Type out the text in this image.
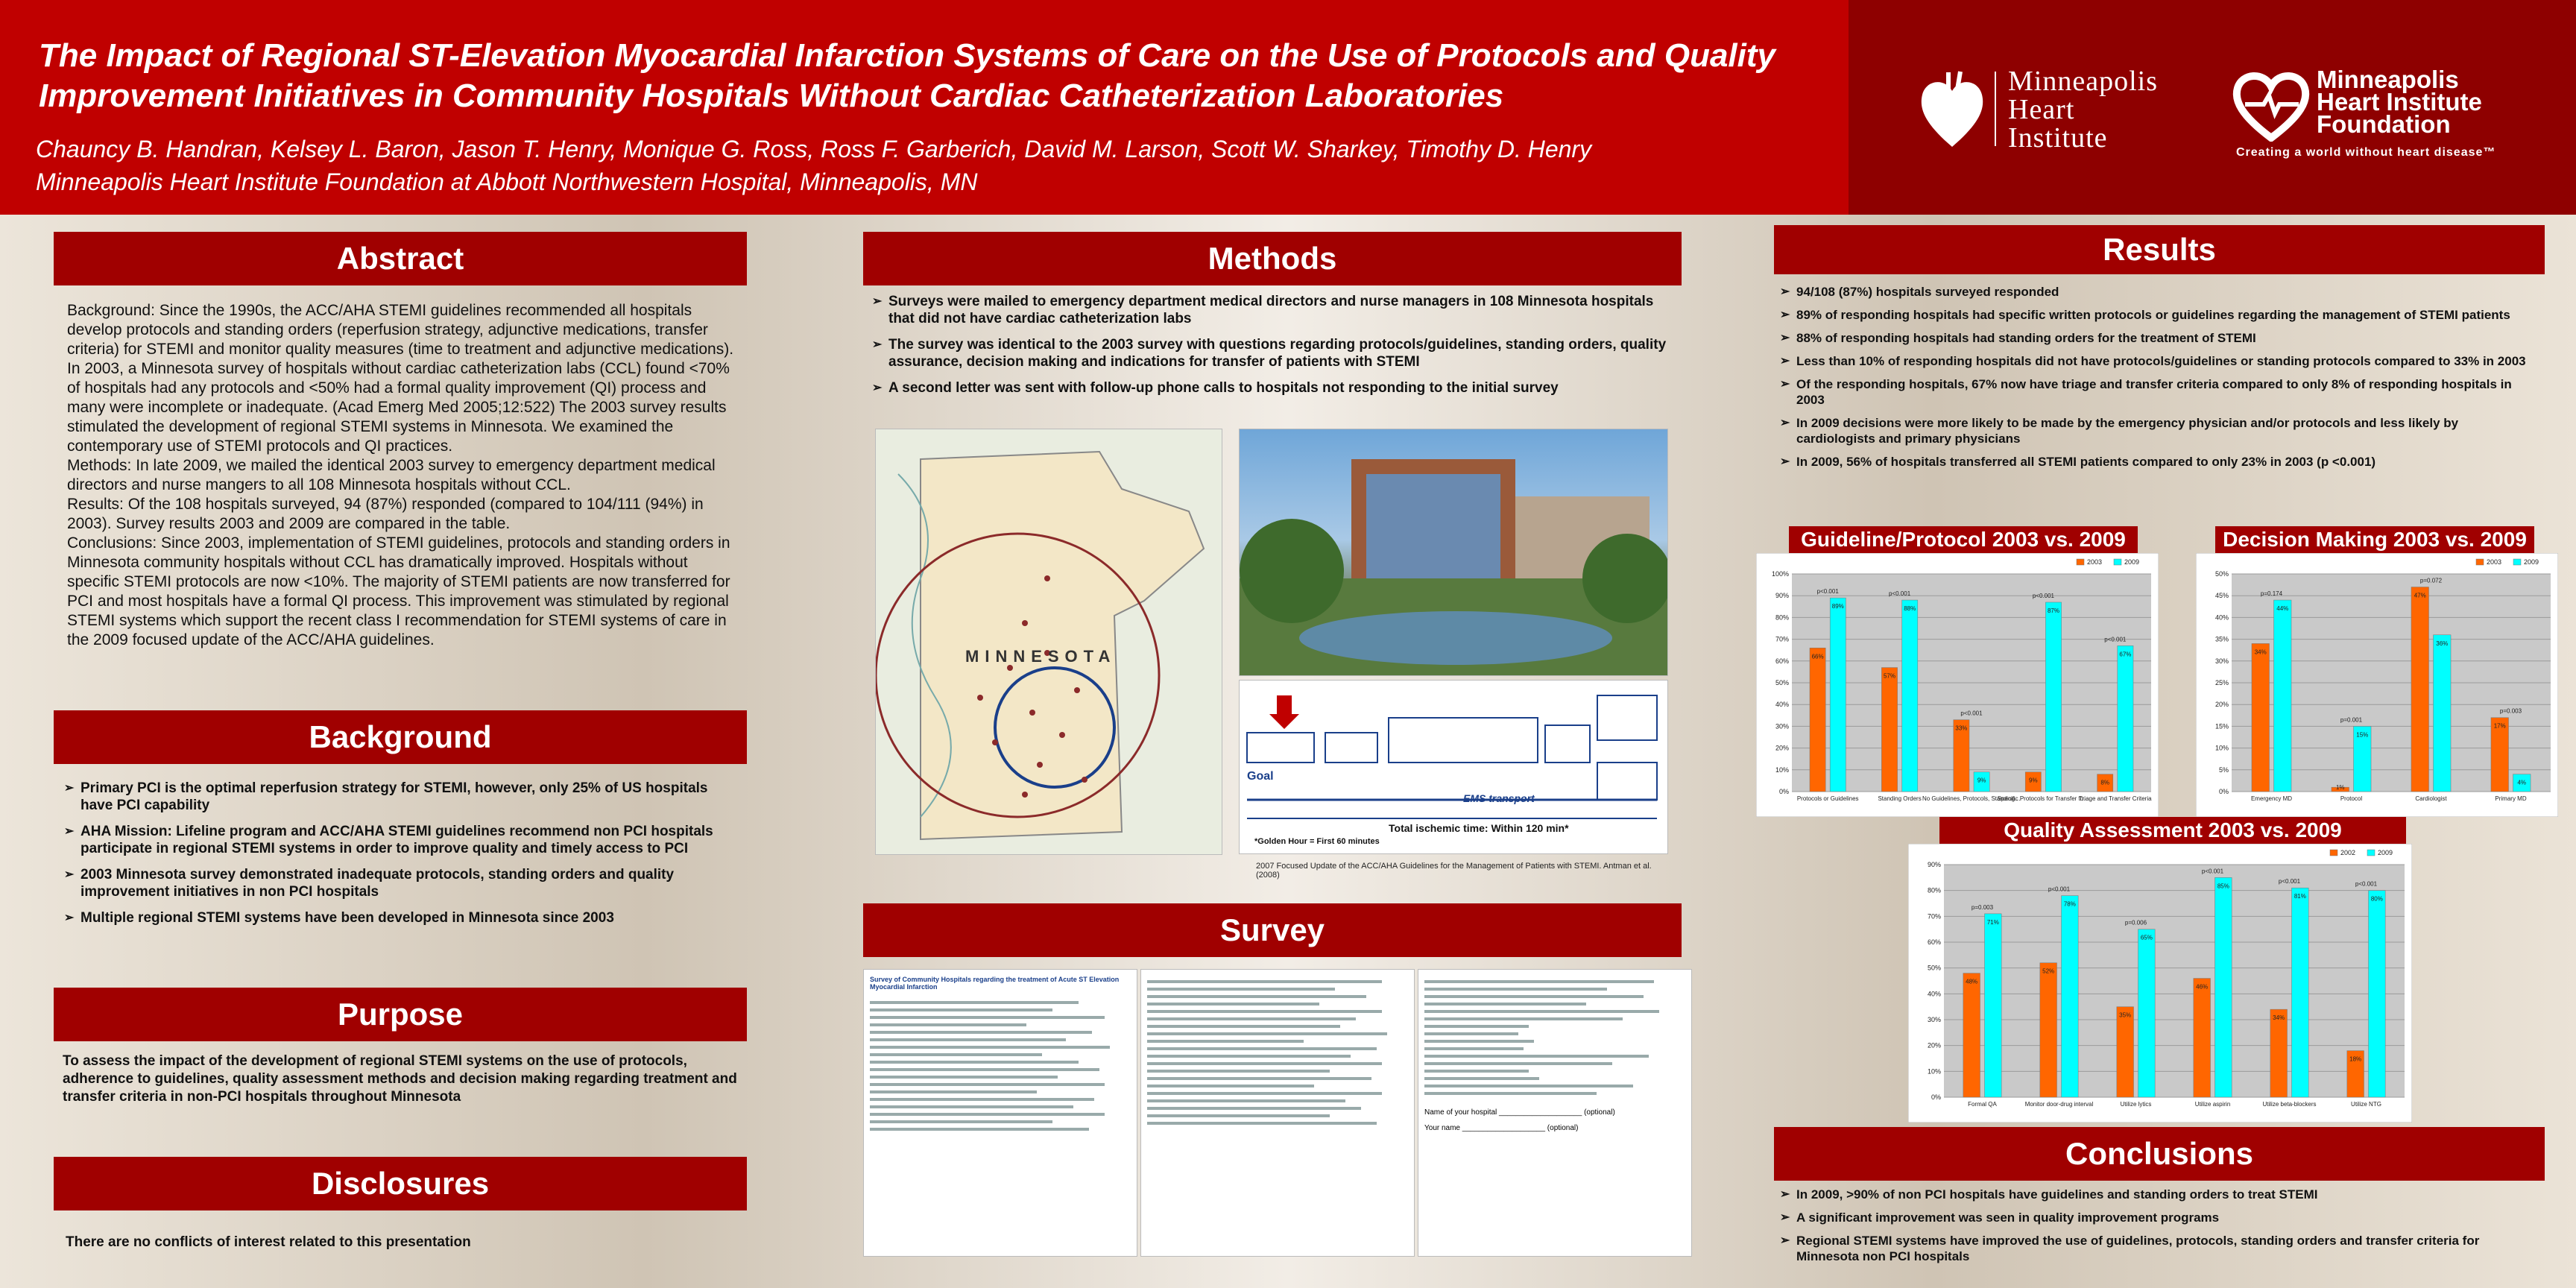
The Impact of Regional ST-Elevation Myocardial Infarction Systems of Care on the Use of Protocols and Quality
Improvement Initiatives in Community Hospitals Without Cardiac Catheterization Laboratories
Chauncy B. Handran, Kelsey L. Baron, Jason T. Henry, Monique G. Ross, Ross F. Garberich, David M. Larson, Scott W. Sharkey, Timothy D. Henry
Minneapolis Heart Institute Foundation at Abbott Northwestern Hospital, Minneapolis, MN
Minneapolis
Heart
Institute
Minneapolis
Heart Institute
Foundation
Creating a world without heart disease™
Abstract
Background: Since the 1990s, the ACC/AHA STEMI guidelines recommended all hospitals develop protocols and standing orders (reperfusion strategy, adjunctive medications, transfer criteria) for STEMI and monitor quality measures (time to treatment and adjunctive medications). In 2003, a Minnesota survey of hospitals without cardiac catheterization labs (CCL) found <70% of hospitals had any protocols and <50% had a formal quality improvement (QI) process and many were incomplete or inadequate. (Acad Emerg Med 2005;12:522) The 2003 survey results stimulated the development of regional STEMI systems in Minnesota. We examined the contemporary use of STEMI protocols and QI practices.
Methods: In late 2009, we mailed the identical 2003 survey to emergency department medical directors and nurse mangers to all 108 Minnesota hospitals without CCL.
Results: Of the 108 hospitals surveyed, 94 (87%) responded (compared to 104/111 (94%) in 2003). Survey results 2003 and 2009 are compared in the table.
Conclusions: Since 2003, implementation of STEMI guidelines, protocols and standing orders in Minnesota community hospitals without CCL has dramatically improved. Hospitals without specific STEMI protocols are now <10%. The majority of STEMI patients are now transferred for PCI and most hospitals have a formal QI process. This improvement was stimulated by regional STEMI systems which support the recent class I recommendation for STEMI systems of care in the 2009 focused update of the ACC/AHA guidelines.
Background
➢ Primary PCI is the optimal reperfusion strategy for STEMI, however, only 25% of US hospitals have PCI capability
➢ AHA Mission: Lifeline program and ACC/AHA STEMI guidelines recommend non PCI hospitals participate in regional STEMI systems in order to improve quality and timely access to PCI
➢ 2003 Minnesota survey demonstrated inadequate protocols, standing orders and quality improvement initiatives in non PCI hospitals
➢ Multiple regional STEMI systems have been developed in Minnesota since 2003
Purpose
To assess the impact of the development of regional STEMI systems on the use of protocols, adherence to guidelines, quality assessment methods and decision making regarding treatment and transfer criteria in non-PCI hospitals throughout Minnesota
Disclosures
There are no conflicts of interest related to this presentation
Methods
➢ Surveys were mailed to emergency department medical directors and nurse managers in 108 Minnesota hospitals that did not have cardiac catheterization labs
➢ The survey was identical to the 2003 survey with questions regarding protocols/guidelines, standing orders, quality assurance, decision making and indications for transfer of patients with STEMI
➢ A second letter was sent with follow-up phone calls to hospitals not responding to the initial survey
MINNESOTA
Goal
EMS transport
Total ischemic time: Within 120 min*
*Golden Hour = First 60 minutes
2007 Focused Update of the ACC/AHA Guidelines for the Management of Patients with STEMI. Antman et al. (2008)
Survey
Survey of Community Hospitals regarding the treatment of Acute ST Elevation Myocardial Infarction
Name of your hospital ____________________ (optional)
Your name ____________________ (optional)
Results
➢ 94/108 (87%) hospitals surveyed responded
➢ 89% of responding hospitals had specific written protocols or guidelines regarding the management of STEMI patients
➢ 88% of responding hospitals had standing orders for the treatment of STEMI
➢ Less than 10% of responding hospitals did not have protocols/guidelines or standing protocols compared to 33% in 2003
➢ Of the responding hospitals, 67% now have triage and transfer criteria compared to only 8% of responding hospitals in 2003
➢ In 2009 decisions were more likely to be made by the emergency physician and/or protocols and less likely by cardiologists and primary physicians
➢ In 2009, 56% of hospitals transferred all STEMI patients compared to only 23% in 2003 (p <0.001)
Guideline/Protocol 2003 vs. 2009	Decision Making 2003 vs. 2009
Quality Assessment 2003 vs. 2009
0%
10%
20%
30%
40%
50%
60%
70%
80%
90%
100%
66%
89%
p<0.001
Protocols or Guidelines
57%
88%
p<0.001
Standing Orders
33%
9%
p<0.001
No Guidelines, Protocols, Standing…
9%
87%
p<0.001
Specific Protocols for Transfer to…
8%
67%
p<0.001
Triage and Transfer Criteria
2003	2009
0%
5%
10%
15%
20%
25%
30%
35%
40%
45%
50%
34%
44%
p=0.174
Emergency MD
1%
15%
p=0.001
Protocol
47%
36%
p=0.072
Cardiologist
17%
4%
p=0.003
Primary MD
2003	2009
0%
10%
20%
30%
40%
50%
60%
70%
80%
90%
48%
71%
p=0.003
Formal QA
52%
78%
p<0.001
Monitor door-drug interval
35%
65%
p=0.006
Utilize lytics
46%
85%
p<0.001
Utilize aspirin
34%
81%
p<0.001
Utilize beta-blockers
18%
80%
p<0.001
Utilize NTG
2002	2009
Conclusions
➢ In 2009, >90% of non PCI hospitals have guidelines and standing orders to treat STEMI
➢ A significant improvement was seen in quality improvement programs
➢ Regional STEMI systems have improved the use of guidelines, protocols, standing orders and transfer criteria for Minnesota non PCI hospitals
